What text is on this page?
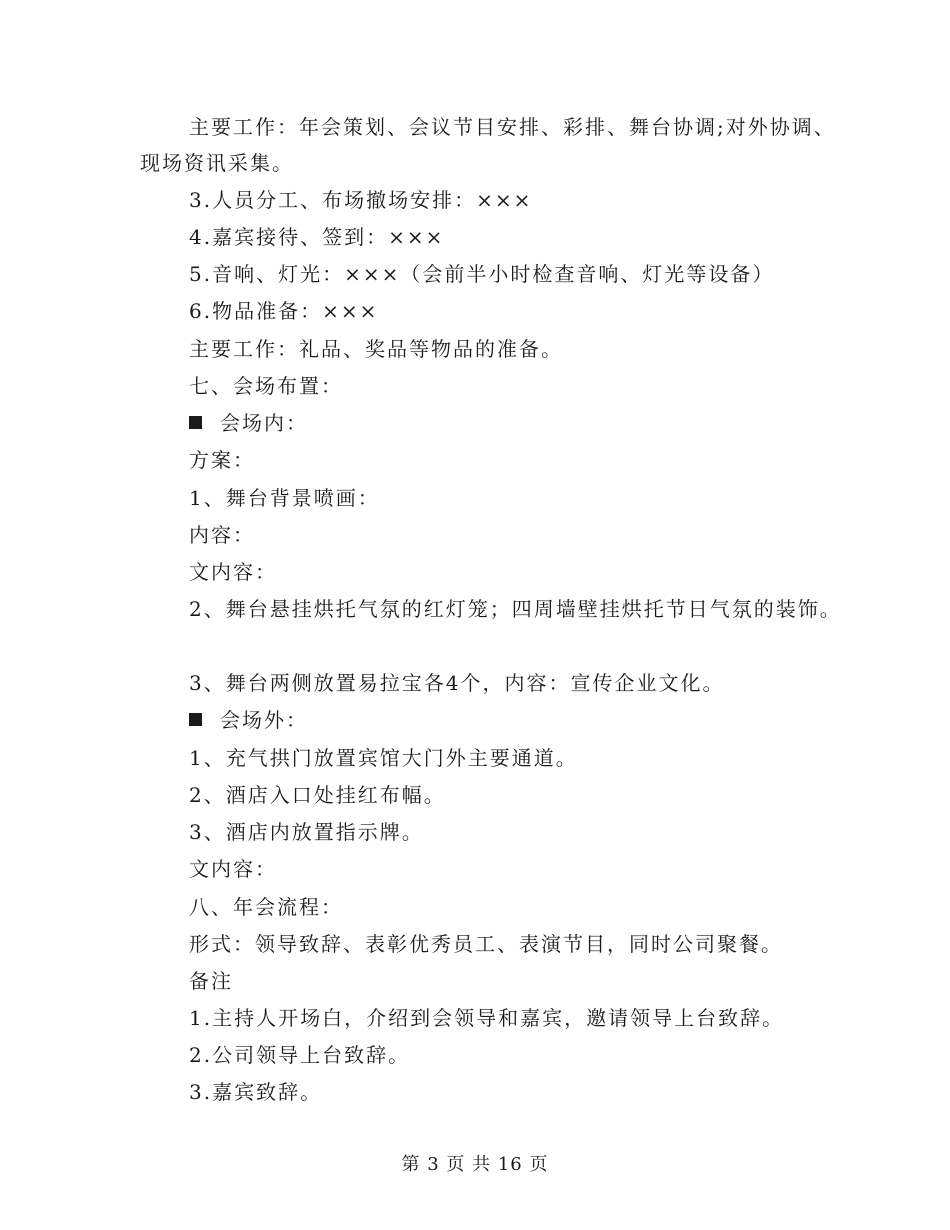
主要工作：年会策划、会议节目安排、彩排、舞台协调;对外协调、
现场资讯采集。
3.人员分工、布场撤场安排：×××
4.嘉宾接待、签到：×××
5.音响、灯光：×××（会前半小时检查音响、灯光等设备）
6.物品准备：×××
主要工作：礼品、奖品等物品的准备。
七、会场布置：
会场内：
方案：
1、舞台背景喷画：
内容：
文内容：
2、舞台悬挂烘托气氛的红灯笼；四周墙壁挂烘托节日气氛的装饰。
3、舞台两侧放置易拉宝各4个，内容：宣传企业文化。
会场外：
1、充气拱门放置宾馆大门外主要通道。
2、酒店入口处挂红布幅。
3、酒店内放置指示牌。
文内容：
八、年会流程：
形式：领导致辞、表彰优秀员工、表演节目，同时公司聚餐。
备注
1.主持人开场白，介绍到会领导和嘉宾，邀请领导上台致辞。
2.公司领导上台致辞。
3.嘉宾致辞。
第 3 页 共 16 页
